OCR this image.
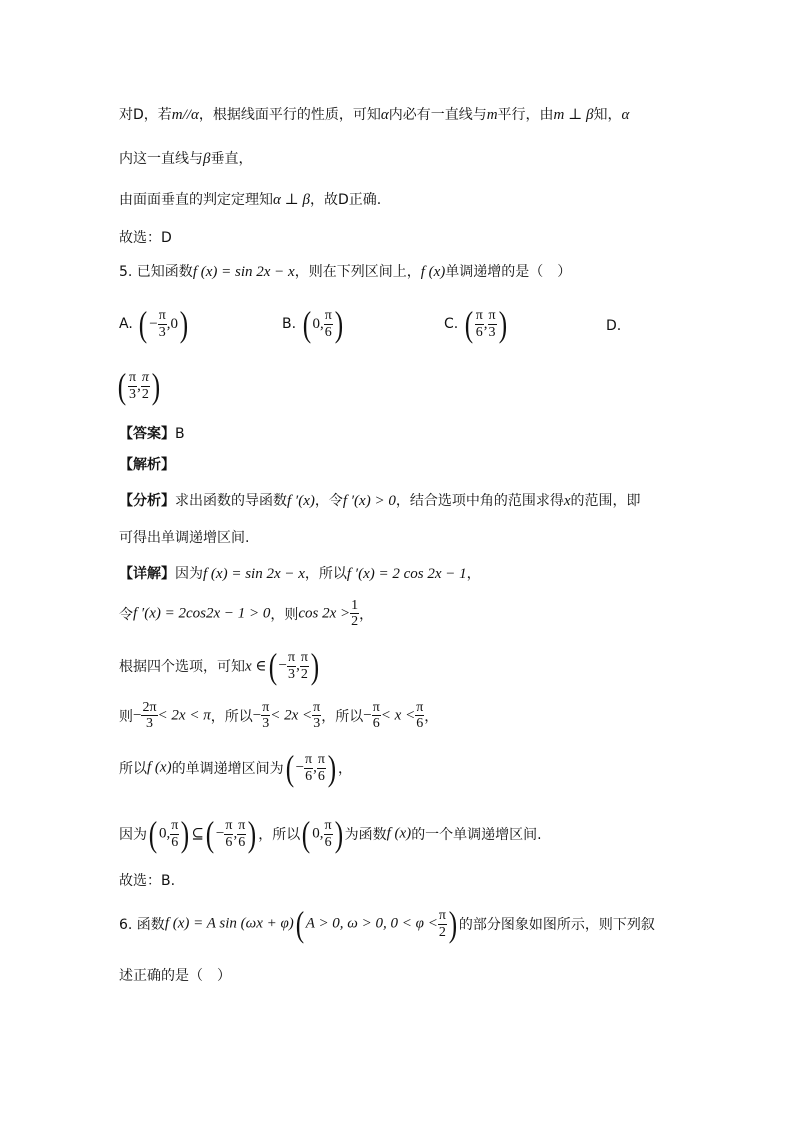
对D，若m//α，根据线面平行的性质，可知α内必有一直线与m平行，由m ⊥ β知，α
内这一直线与β垂直，
由面面垂直的判定定理知α ⊥ β，故D正确.
故选：D
5. 已知函数f (x) = sin 2x − x，则在下列区间上，f (x)单调递增的是（　）
A. ( − $\frac{\pi}{3} ,0$)	B. ( 0, $\frac{\pi}{6}$ )	C. ( $\frac{\pi}{6}$ , $\frac{\pi}{3}$ )	D.
( $\frac{\pi}{3}$ , $\frac{\pi}{2}$ )
【答案】B
【解析】
【分析】求出函数的导函数f ′(x)，令f ′(x) > 0，结合选项中角的范围求得x的范围，即
可得出单调递增区间.
【详解】因为f (x) = sin 2x − x，所以f ′(x) = 2 cos 2x − 1，
令f ′(x) = 2cos2x − 1 > 0，则$\cos 2x > \frac{1}{2}$ ，
根据四个选项，可知x ∈( − $\frac{\pi}{3}$ , $\frac{\pi}{2}$ )
则− $\frac{2\pi}{3} < 2x < \pi$，所以− $\frac{\pi}{3} < 2x < \frac{\pi}{3}$ ，所以− $\frac{\pi}{6} < x < \frac{\pi}{6}$ ，
所以f (x)的单调递增区间为( − $\frac{\pi}{6}$ , $\frac{\pi}{6}$ ) ，
因为( 0, $\frac{\pi}{6}$ ) ⊆( − $\frac{\pi}{6}$ , $\frac{\pi}{6}$ ) ，所以( 0, $\frac{\pi}{6}$ ) 为函数f (x)的一个单调递增区间.
故选：B.
6. 函数f (x) = A sin (ωx + φ)( A > 0, ω > 0, $0 < \varphi < \frac{\pi}{2}$ ) 的部分图象如图所示，则下列叙
述正确的是（　）
